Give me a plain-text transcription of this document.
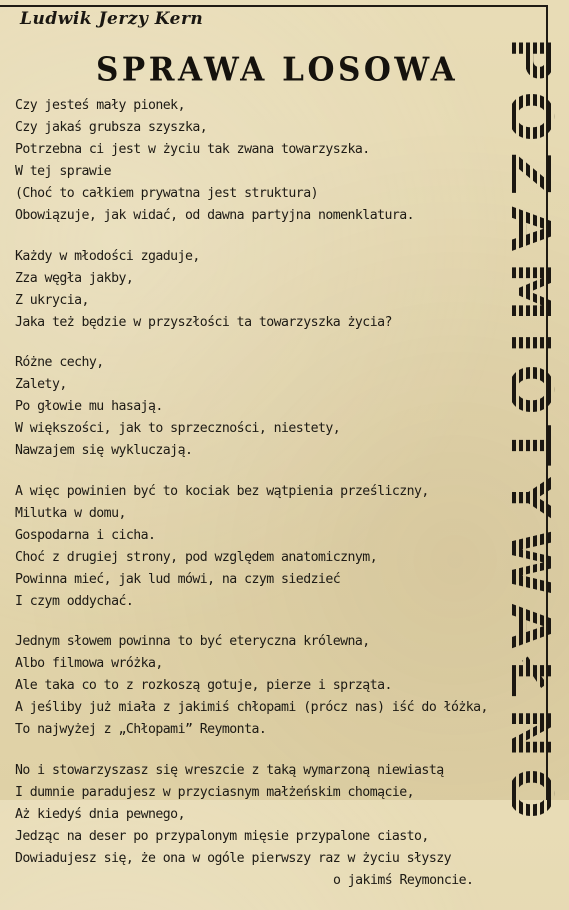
Ludwik Jerzy Kern
SPRAWA LOSOWA
Czy jesteś mały pionek,
Czy jakaś grubsza szyszka,
Potrzebna ci jest w życiu tak zwana towarzyszka.
W tej sprawie
(Choć to całkiem prywatna jest struktura)
Obowiązuje, jak widać, od dawna partyjna nomenklatura.
Każdy w młodości zgaduje,
Zza węgła jakby,
Z ukrycia,
Jaka też będzie w przyszłości ta towarzyszka życia?
Różne cechy,
Zalety,
Po głowie mu hasają.
W większości, jak to sprzeczności, niestety,
Nawzajem się wykluczają.
A więc powinien być to kociak bez wątpienia prześliczny,
Milutka w domu,
Gospodarna i cicha.
Choć z drugiej strony, pod względem anatomicznym,
Powinna mieć, jak lud mówi, na czym siedzieć
I czym oddychać.
Jednym słowem powinna to być eteryczna królewna,
Albo filmowa wróżka,
Ale taka co to z rozkoszą gotuje, pierze i sprząta.
A jeśliby już miała z jakimiś chłopami (prócz nas) iść do łóżka,
To najwyżej z „Chłopami” Reymonta.
No i stowarzyszasz się wreszcie z taką wymarzoną niewiastą
I dumnie paradujesz w przyciasnym małżeńskim chomącie,
Aż kiedyś dnia pewnego,
Jedząc na deser po przypalonym mięsie przypalone ciasto,
Dowiadujesz się, że ona w ogóle pierwszy raz w życiu słyszy
o jakimś Reymoncie.
POZAMIOTYWAŁNO
